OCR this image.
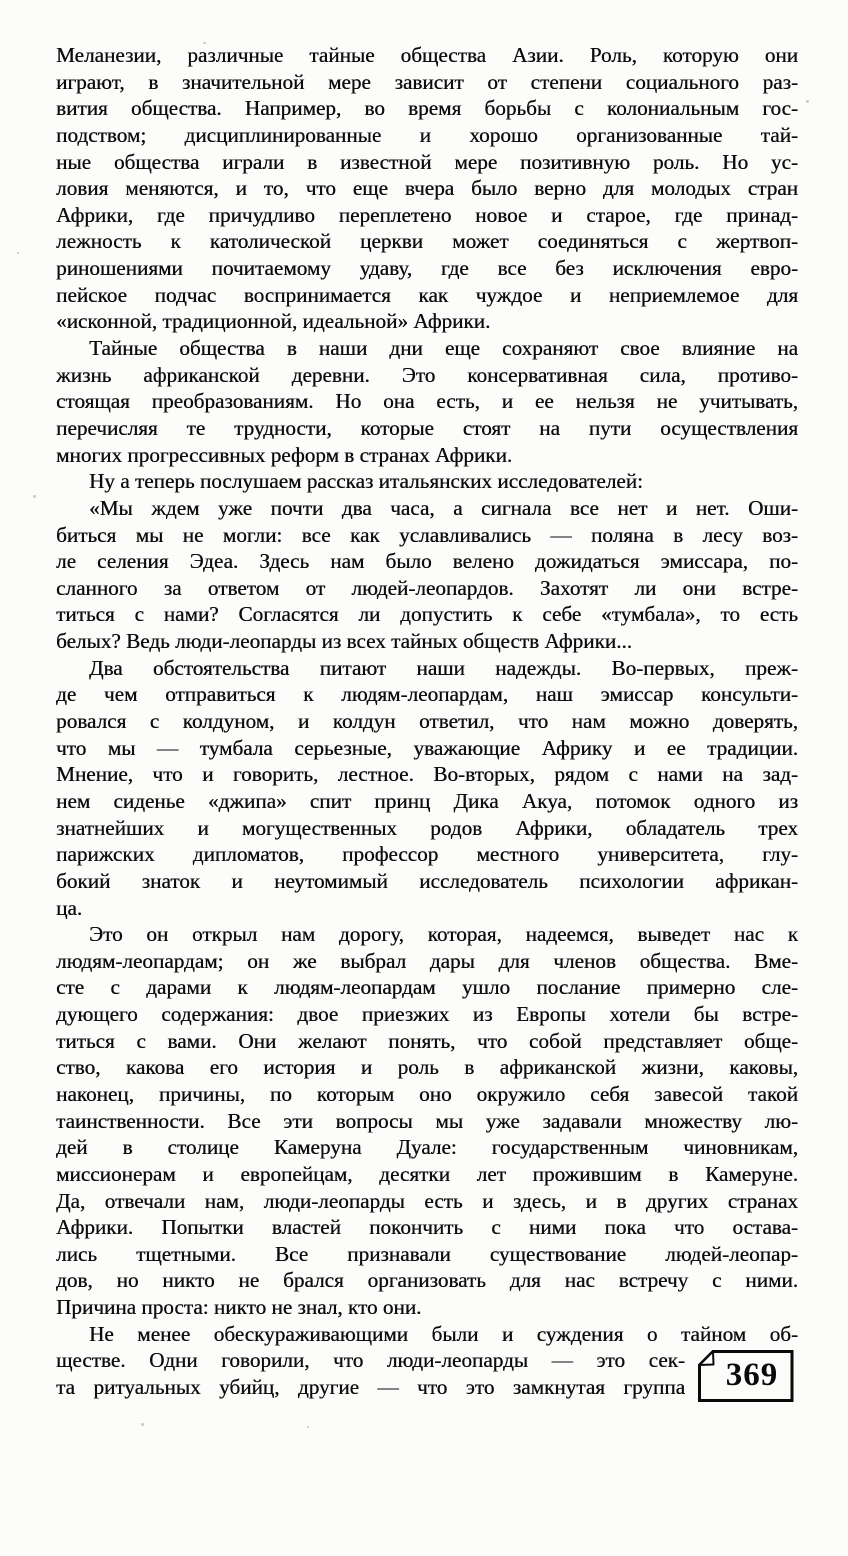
Меланезии, различные тайные общества Азии. Роль, которую они
играют, в значительной мере зависит от степени социального раз-
вития общества. Например, во время борьбы с колониальным гос-
подством; дисциплинированные и хорошо организованные тай-
ные общества играли в известной мере позитивную роль. Но ус-
ловия меняются, и то, что еще вчера было верно для молодых стран
Африки, где причудливо переплетено новое и старое, где принад-
лежность к католической церкви может соединяться с жертвоп-
риношениями почитаемому удаву, где все без исключения евро-
пейское подчас воспринимается как чуждое и неприемлемое для
«исконной, традиционной, идеальной» Африки.
Тайные общества в наши дни еще сохраняют свое влияние на
жизнь африканской деревни. Это консервативная сила, противо-
стоящая преобразованиям. Но она есть, и ее нельзя не учитывать,
перечисляя те трудности, которые стоят на пути осуществления
многих прогрессивных реформ в странах Африки.
Ну а теперь послушаем рассказ итальянских исследователей:
«Мы ждем уже почти два часа, а сигнала все нет и нет. Оши-
биться мы не могли: все как уславливались — поляна в лесу воз-
ле селения Эдеа. Здесь нам было велено дожидаться эмиссара, по-
сланного за ответом от людей-леопардов. Захотят ли они встре-
титься с нами? Согласятся ли допустить к себе «тумбала», то есть
белых? Ведь люди-леопарды из всех тайных обществ Африки...
Два обстоятельства питают наши надежды. Во-первых, преж-
де чем отправиться к людям-леопардам, наш эмиссар консульти-
ровался с колдуном, и колдун ответил, что нам можно доверять,
что мы — тумбала серьезные, уважающие Африку и ее традиции.
Мнение, что и говорить, лестное. Во-вторых, рядом с нами на зад-
нем сиденье «джипа» спит принц Дика Акуа, потомок одного из
знатнейших и могущественных родов Африки, обладатель трех
парижских дипломатов, профессор местного университета, глу-
бокий знаток и неутомимый исследователь психологии африкан-
ца.
Это он открыл нам дорогу, которая, надеемся, выведет нас к
людям-леопардам; он же выбрал дары для членов общества. Вме-
сте с дарами к людям-леопардам ушло послание примерно сле-
дующего содержания: двое приезжих из Европы хотели бы встре-
титься с вами. Они желают понять, что собой представляет обще-
ство, какова его история и роль в африканской жизни, каковы,
наконец, причины, по которым оно окружило себя завесой такой
таинственности. Все эти вопросы мы уже задавали множеству лю-
дей в столице Камеруна Дуале: государственным чиновникам,
миссионерам и европейцам, десятки лет прожившим в Камеруне.
Да, отвечали нам, люди-леопарды есть и здесь, и в других странах
Африки. Попытки властей покончить с ними пока что остава-
лись тщетными. Все признавали существование людей-леопар-
дов, но никто не брался организовать для нас встречу с ними.
Причина проста: никто не знал, кто они.
Не менее обескураживающими были и суждения о тайном об-
369
ществе. Одни говорили, что люди-леопарды — это сек-
та ритуальных убийц, другие — что это замкнутая группа
